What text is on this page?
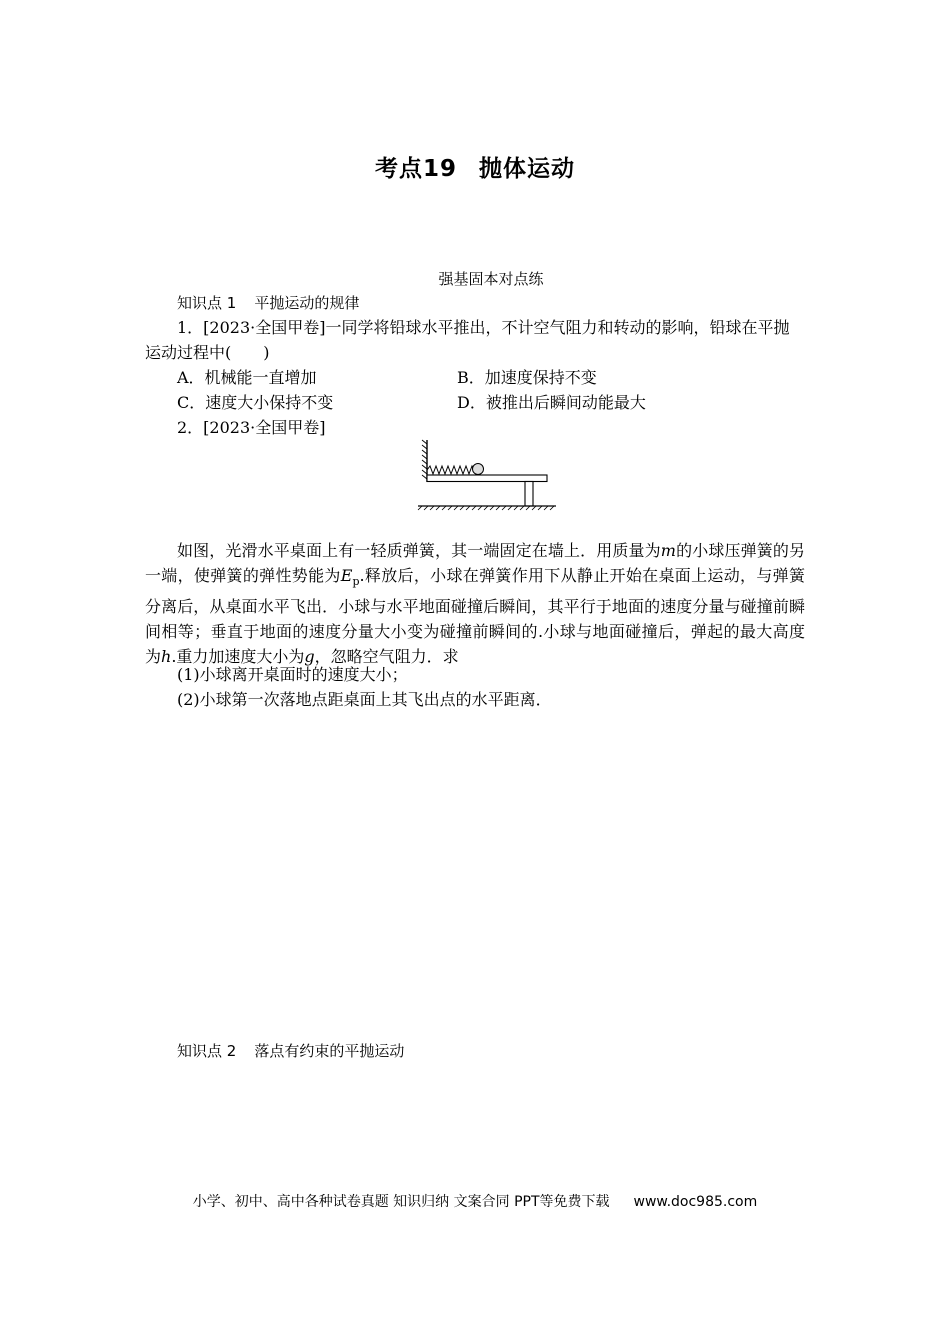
考点19 抛体运动
强基固本对点练
知识点 1 平抛运动的规律
1．[2023·全国甲卷]一同学将铅球水平推出，不计空气阻力和转动的影响，铅球在平抛
运动过程中(　　)
A．机械能一直增加	B．加速度保持不变
C．速度大小保持不变	D．被推出后瞬间动能最大
2．[2023·全国甲卷]
如图，光滑水平桌面上有一轻质弹簧，其一端固定在墙上．用质量为m的小球压弹簧的另一端，使弹簧的弹性势能为$E_p$.释放后，小球在弹簧作用下从静止开始在桌面上运动，与弹簧分离后，从桌面水平飞出．小球与水平地面碰撞后瞬间，其平行于地面的速度分量与碰撞前瞬间相等；垂直于地面的速度分量大小变为碰撞前瞬间的.小球与地面碰撞后，弹起的最大高度为h.重力加速度大小为g，忽略空气阻力．求
(1)小球离开桌面时的速度大小；
(2)小球第一次落地点距桌面上其飞出点的水平距离．
知识点 2 落点有约束的平抛运动
小学、初中、高中各种试卷真题 知识归纳 文案合同 PPT等免费下载 www.doc985.com
